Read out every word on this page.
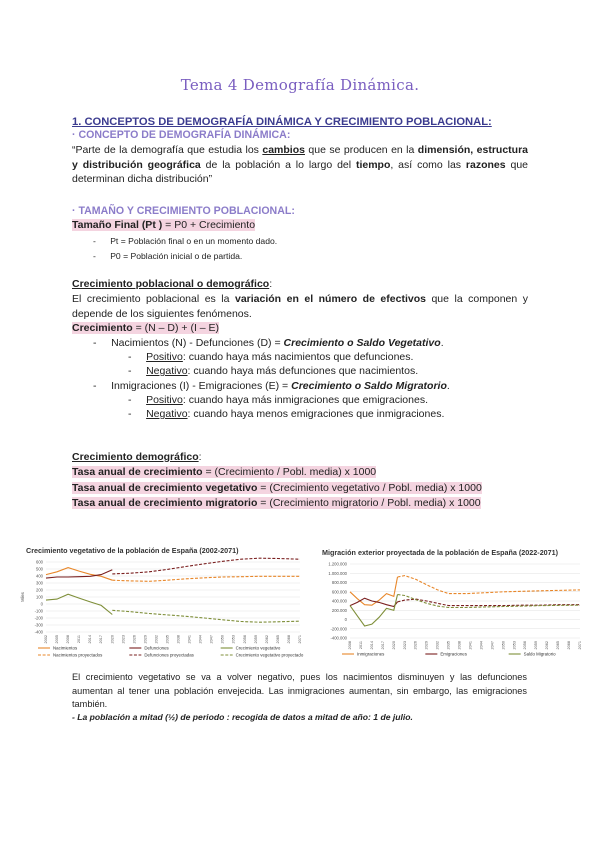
Tema 4 Demografía Dinámica.
1. CONCEPTOS DE DEMOGRAFÍA DINÁMICA Y CRECIMIENTO POBLACIONAL:
· CONCEPTO DE DEMOGRAFÍA DINÁMICA:
“Parte de la demografía que estudia los cambios que se producen en la dimensión, estructura y distribución geográfica de la población a lo largo del tiempo, así como las razones que determinan dicha distribución”
· TAMAÑO Y CRECIMIENTO POBLACIONAL:
Tamaño Final (Pt ) = P0 + Crecimiento
-      Pt = Población final o en un momento dado.
-      P0 = Población inicial o de partida.
Crecimiento poblacional o demográfico:
El crecimiento poblacional es la variación en el número de efectivos que la componen y depende de los siguientes fenómenos.
Crecimiento = (N – D) + (I – E)
-     Nacimientos (N) - Defunciones (D) = Crecimiento o Saldo Vegetativo.
-     Positivo: cuando haya más nacimientos que defunciones.
-     Negativo: cuando haya más defunciones que nacimientos.
-     Inmigraciones (I) - Emigraciones (E) = Crecimiento o Saldo Migratorio.
-     Positivo: cuando haya más inmigraciones que emigraciones.
-     Negativo: cuando haya menos emigraciones que inmigraciones.
Crecimiento demográfico:
Tasa anual de crecimiento = (Crecimiento / Pobl. media) x 1000
Tasa anual de crecimiento vegetativo = (Crecimiento vegetativo / Pobl. media) x 1000
Tasa anual de crecimiento migratorio = (Crecimiento migratorio / Pobl. media) x 1000
Crecimiento vegetativo de la población de España (2002-2071)
600
500
400
300
200
100
0
-100
-200
-300
-400
Miles
2002 2005 2008 2011 2014 2017 2020 2023 2026 2029 2032 2035 2038 2041 2044 2047 2050 2053 2056 2059 2062 2065 2068 2071
Nacimientos	Defunciones	Crecimiento vegetativo
Nacimientos proyectados	Defunciones proyectadas	Crecimiento vegetativo proyectado
Migración exterior proyectada de la población de España (2022-2071)
1.200.000
1.000.000
800.000
600.000
400.000
200.000
0
-200.000
-400.000
2008 2011 2014 2017 2020 2023 2026 2029 2032 2035 2038 2041 2044 2047 2050 2053 2056 2059 2062 2065 2068 2071
Inmigraciones	Emigraciones	Saldo Migratorio
El crecimiento vegetativo se va a volver negativo, pues los nacimientos disminuyen y las defunciones aumentan al tener una población envejecida. Las inmigraciones aumentan, sin embargo, las emigraciones también.
- La población a mitad (½) de periodo : recogida de datos a mitad de año: 1 de julio.
